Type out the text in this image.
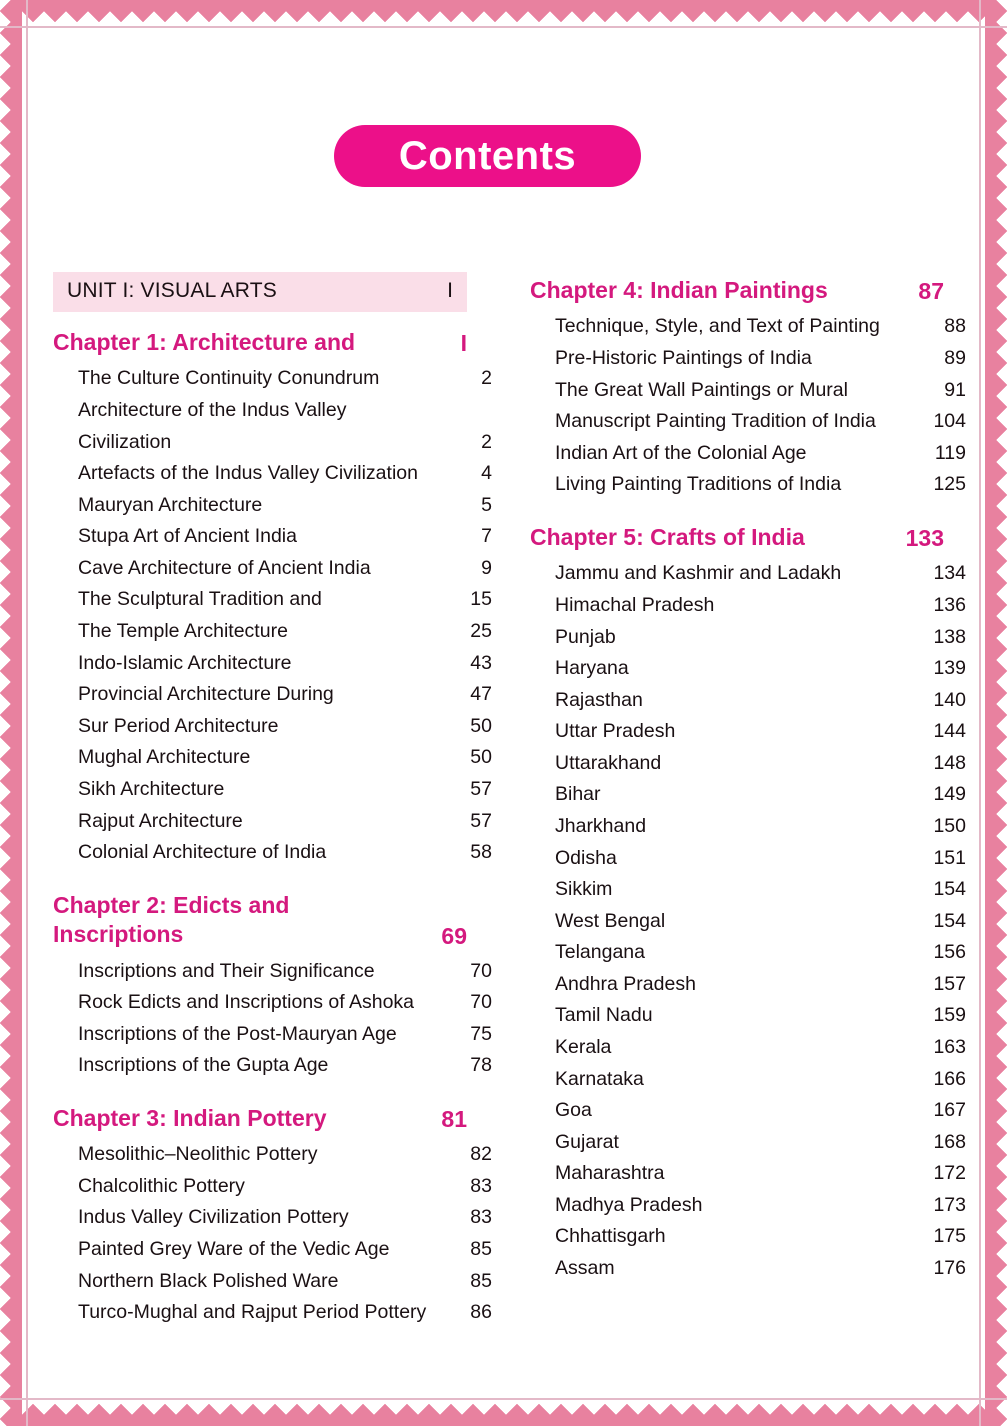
Contents
UNIT I: VISUAL ARTS	I
Chapter 1: Architecture and	I
The Culture Continuity Conundrum	2
Architecture of the Indus Valley Civilization	2
Artefacts of the Indus Valley Civilization	4
Mauryan Architecture	5
Stupa Art of Ancient India	7
Cave Architecture of Ancient India	9
The Sculptural Tradition and	15
The Temple Architecture	25
Indo-Islamic Architecture	43
Provincial Architecture During	47
Sur Period Architecture	50
Mughal Architecture	50
Sikh Architecture	57
Rajput Architecture	57
Colonial Architecture of India	58
Chapter 2: Edicts and Inscriptions	69
Inscriptions and Their Significance	70
Rock Edicts and Inscriptions of Ashoka	70
Inscriptions of the Post-Mauryan Age	75
Inscriptions of the Gupta Age	78
Chapter 3: Indian Pottery	81
Mesolithic–Neolithic Pottery	82
Chalcolithic Pottery	83
Indus Valley Civilization Pottery	83
Painted Grey Ware of the Vedic Age	85
Northern Black Polished Ware	85
Turco-Mughal and Rajput Period Pottery	86
Chapter 4: Indian Paintings	87
Technique, Style, and Text of Painting	88
Pre-Historic Paintings of India	89
The Great Wall Paintings or Mural	91
Manuscript Painting Tradition of India	104
Indian Art of the Colonial Age	119
Living Painting Traditions of India	125
Chapter 5: Crafts of India	133
Jammu and Kashmir and Ladakh	134
Himachal Pradesh	136
Punjab	138
Haryana	139
Rajasthan	140
Uttar Pradesh	144
Uttarakhand	148
Bihar	149
Jharkhand	150
Odisha	151
Sikkim	154
West Bengal	154
Telangana	156
Andhra Pradesh	157
Tamil Nadu	159
Kerala	163
Karnataka	166
Goa	167
Gujarat	168
Maharashtra	172
Madhya Pradesh	173
Chhattisgarh	175
Assam	176
